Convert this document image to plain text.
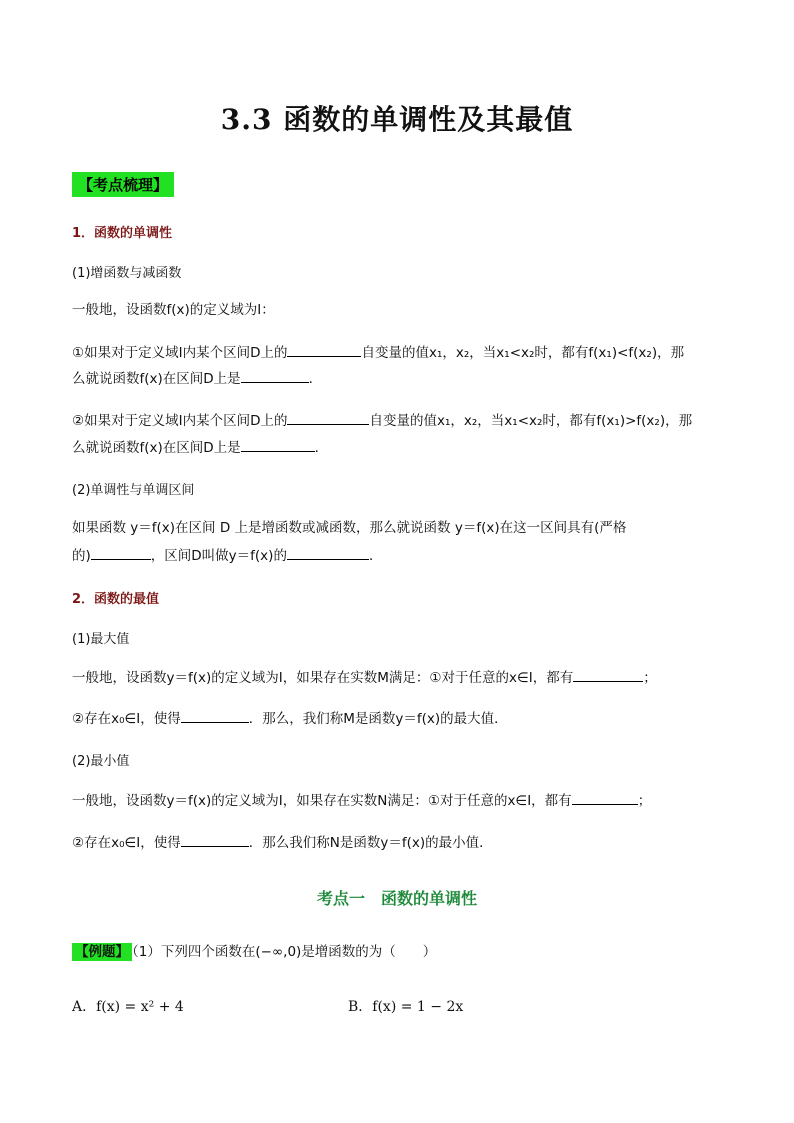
3.3 函数的单调性及其最值
【考点梳理】
1．函数的单调性
(1)增函数与减函数
一般地，设函数f(x)的定义域为I：
①如果对于定义域I内某个区间D上的	自变量的值x₁，x₂，当x₁<x₂时，都有f(x₁)<f(x₂)，那
么就说函数f(x)在区间D上是	．
②如果对于定义域I内某个区间D上的	自变量的值x₁，x₂，当x₁<x₂时，都有f(x₁)>f(x₂)，那
么就说函数f(x)在区间D上是	．
(2)单调性与单调区间
如果函数 y＝f(x)在区间 D 上是增函数或减函数，那么就说函数 y＝f(x)在这一区间具有(严格
的)	，区间D叫做y＝f(x)的	．
2．函数的最值
(1)最大值
一般地，设函数y＝f(x)的定义域为I，如果存在实数M满足：①对于任意的x∈I，都有	；
②存在x₀∈I，使得	．那么，我们称M是函数y＝f(x)的最大值．
(2)最小值
一般地，设函数y＝f(x)的定义域为I，如果存在实数N满足：①对于任意的x∈I，都有	；
②存在x₀∈I，使得	．那么我们称N是函数y＝f(x)的最小值．
考点一　函数的单调性
【例题】 （1）下列四个函数在(−∞,0)是增函数的为（　　）
A．f(x) = x² + 4	B．f(x) = 1 − 2x
